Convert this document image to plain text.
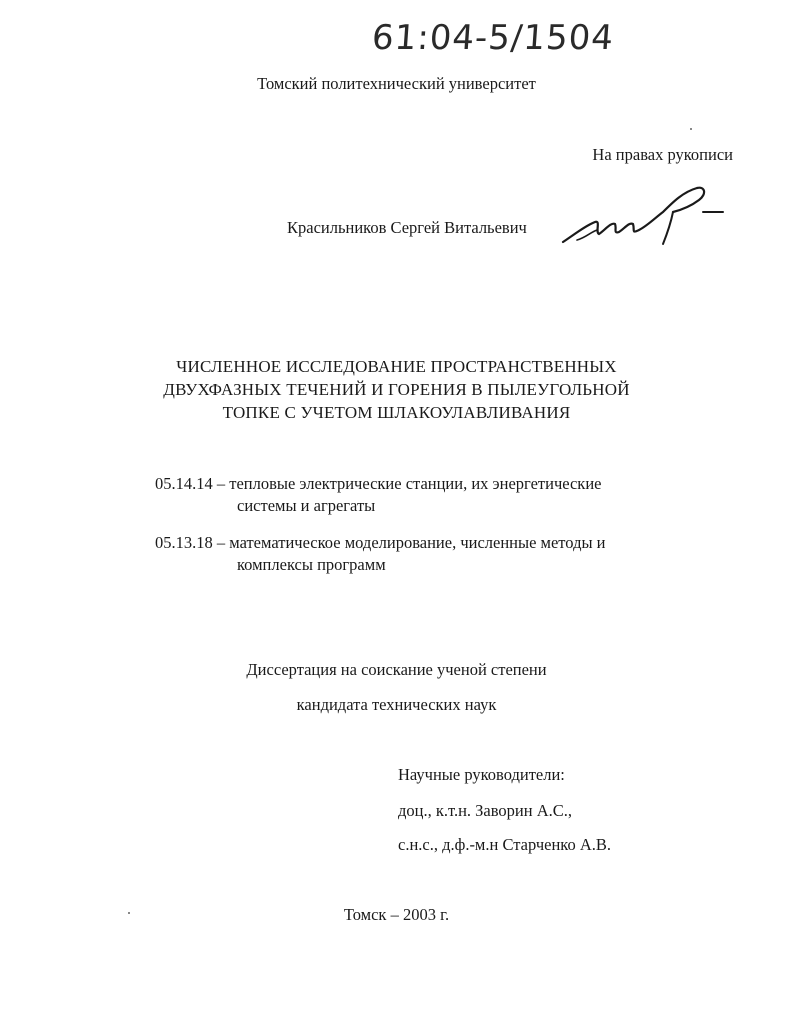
61:04-5/1504
Томский политехнический университет
На правах рукописи
Красильников Сергей Витальевич
ЧИСЛЕННОЕ ИССЛЕДОВАНИЕ ПРОСТРАНСТВЕННЫХ
ДВУХФАЗНЫХ ТЕЧЕНИЙ И ГОРЕНИЯ В ПЫЛЕУГОЛЬНОЙ
ТОПКЕ С УЧЕТОМ ШЛАКОУЛАВЛИВАНИЯ
05.14.14 – тепловые электрические станции, их энергетические
системы и агрегаты
05.13.18 – математическое моделирование, численные методы и
комплексы программ
Диссертация на соискание ученой степени
кандидата технических наук
Научные руководители:
доц., к.т.н. Заворин А.С.,
с.н.с., д.ф.-м.н Старченко А.В.
Томск – 2003 г.
